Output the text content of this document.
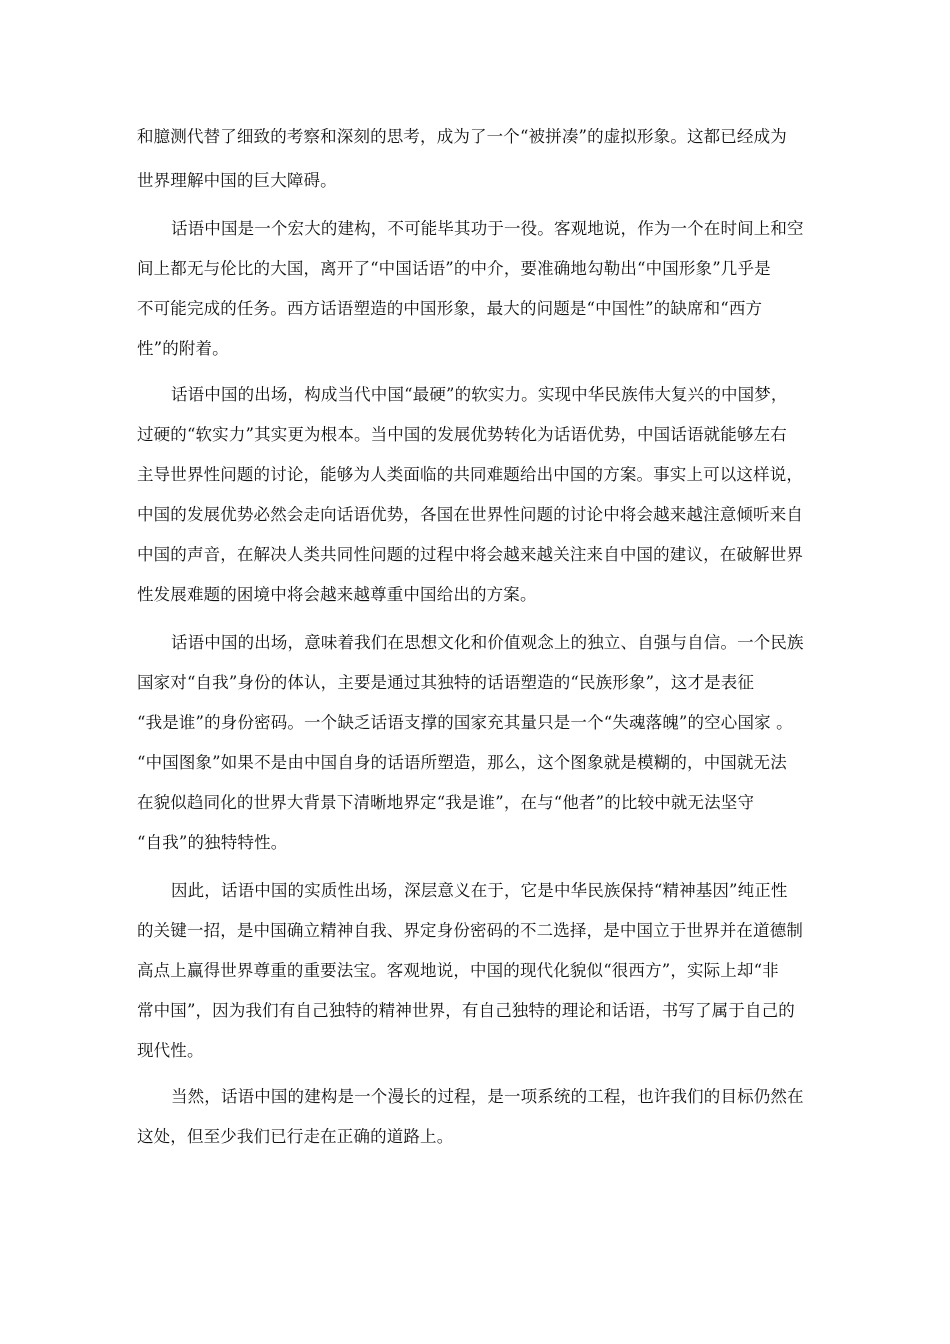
和臆测代替了细致的考察和深刻的思考，成为了一个“被拼凑”的虚拟形象。这都已经成为
世界理解中国的巨大障碍。
话语中国是一个宏大的建构，不可能毕其功于一役。客观地说，作为一个在时间上和空
间上都无与伦比的大国，离开了“中国话语”的中介，要准确地勾勒出“中国形象”几乎是
不可能完成的任务。西方话语塑造的中国形象，最大的问题是“中国性”的缺席和“西方
性”的附着。
话语中国的出场，构成当代中国“最硬”的软实力。实现中华民族伟大复兴的中国梦，
过硬的“软实力”其实更为根本。当中国的发展优势转化为话语优势，中国话语就能够左右
主导世界性问题的讨论，能够为人类面临的共同难题给出中国的方案。事实上可以这样说，
中国的发展优势必然会走向话语优势，各国在世界性问题的讨论中将会越来越注意倾听来自
中国的声音，在解决人类共同性问题的过程中将会越来越关注来自中国的建议，在破解世界
性发展难题的困境中将会越来越尊重中国给出的方案。
话语中国的出场，意味着我们在思想文化和价值观念上的独立、自强与自信。一个民族
国家对“自我”身份的体认，主要是通过其独特的话语塑造的“民族形象”，这才是表征
“我是谁”的身份密码。一个缺乏话语支撑的国家充其量只是一个“失魂落魄”的空心国家 。
“中国图象”如果不是由中国自身的话语所塑造，那么，这个图象就是模糊的，中国就无法
在貌似趋同化的世界大背景下清晰地界定“我是谁”，在与“他者”的比较中就无法坚守
“自我”的独特特性。
因此，话语中国的实质性出场，深层意义在于，它是中华民族保持“精神基因”纯正性
的关键一招，是中国确立精神自我、界定身份密码的不二选择，是中国立于世界并在道德制
高点上赢得世界尊重的重要法宝。客观地说，中国的现代化貌似“很西方”，实际上却“非
常中国”，因为我们有自己独特的精神世界，有自己独特的理论和话语，书写了属于自己的
现代性。
当然，话语中国的建构是一个漫长的过程，是一项系统的工程，也许我们的目标仍然在
这处，但至少我们已行走在正确的道路上。
